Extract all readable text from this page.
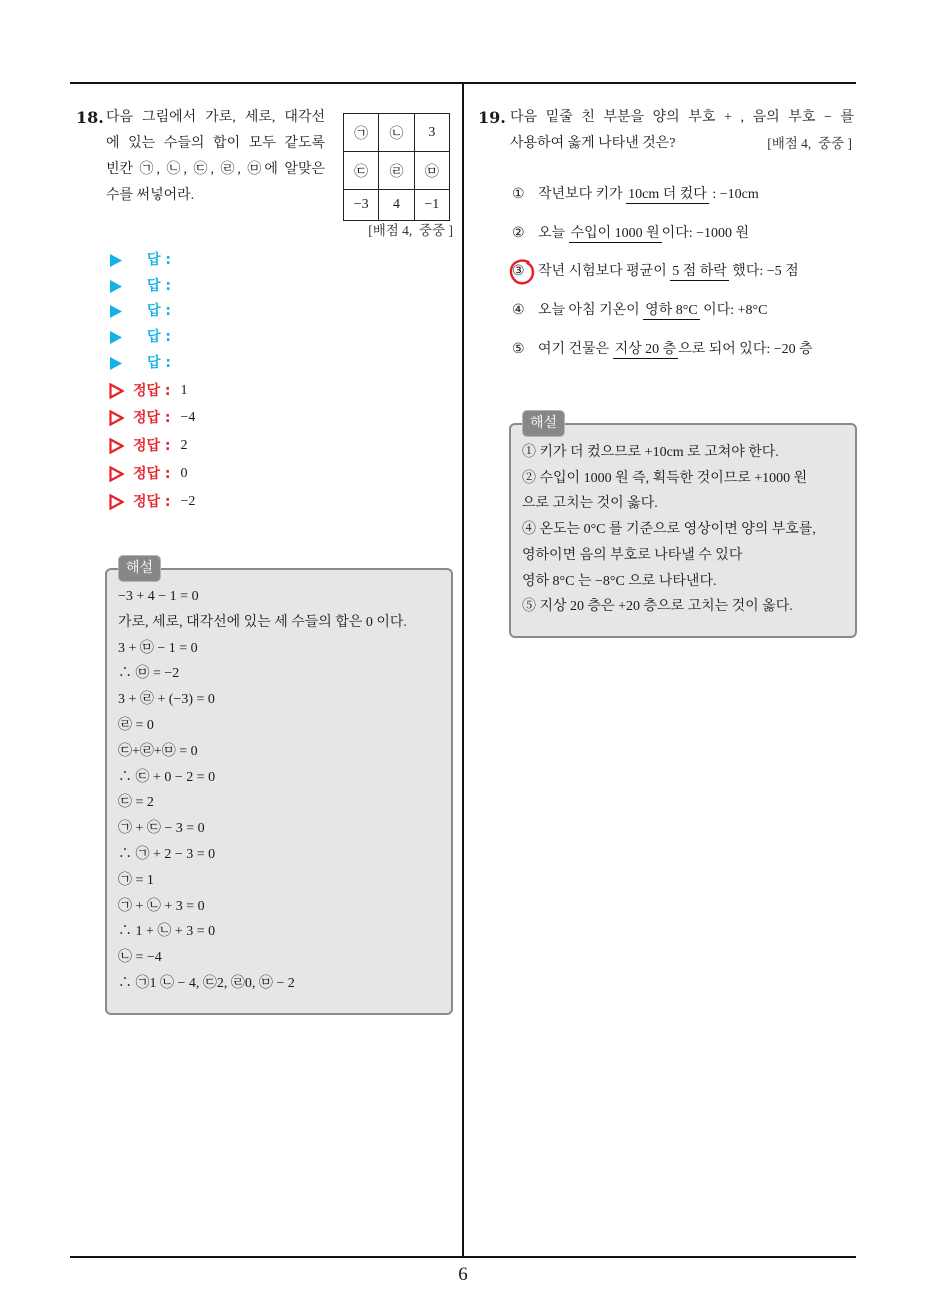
6
18. 다음 그림에서 가로, 세로, 대각선
에 있는 수들의 합이 모두 같도록
빈칸 ㉠, ㉡, ㉢, ㉣, ㉤에 알맞은
수를 써넣어라.
㉠	㉡	3
㉢	㉣	㉤
−3	4	−1
[배점 4,  중중 ]
답 :
답 :
답 :
답 :
답 :
정답 : 1
정답 : −4
정답 : 2
정답 : 0
정답 : −2
해설
−3 + 4 − 1 = 0
가로, 세로, 대각선에 있는 세 수들의 합은 0 이다.
3 + ㉤ − 1 = 0
∴ ㉤ = −2
3 + ㉣ + (−3) = 0
㉣ = 0
㉢+㉣+㉤ = 0
∴ ㉢ + 0 − 2 = 0
㉢ = 2
㉠ + ㉢ − 3 = 0
∴ ㉠ + 2 − 3 = 0
㉠ = 1
㉠ + ㉡ + 3 = 0
∴ 1 + ㉡ + 3 = 0
㉡ = −4
∴ ㉠1 ㉡ − 4, ㉢2, ㉣0, ㉤ − 2
19. 다음 밑줄 친 부분을 양의 부호 + , 음의 부호 − 를
사용하여 옳게 나타낸 것은?	[배점 4,  중중 ]
① 작년보다 키가 10cm 더 컸다 : −10cm
② 오늘 수입이 1000 원 이다: −1000 원
③ 작년 시험보다 평균이 5 점 하락 했다: −5 점
④ 오늘 아침 기온이 영하 8°C 이다: +8°C
⑤ 여기 건물은 지상 20 층 으로 되어 있다: −20 층
해설
① 키가 더 컸으므로 +10cm 로 고쳐야 한다.
② 수입이 1000 원 즉, 획득한 것이므로 +1000 원
으로 고치는 것이 옳다.
④ 온도는 0°C 를 기준으로 영상이면 양의 부호를,
영하이면 음의 부호로 나타낼 수 있다
영하 8°C 는 −8°C 으로 나타낸다.
⑤ 지상 20 층은 +20 층으로 고치는 것이 옳다.
